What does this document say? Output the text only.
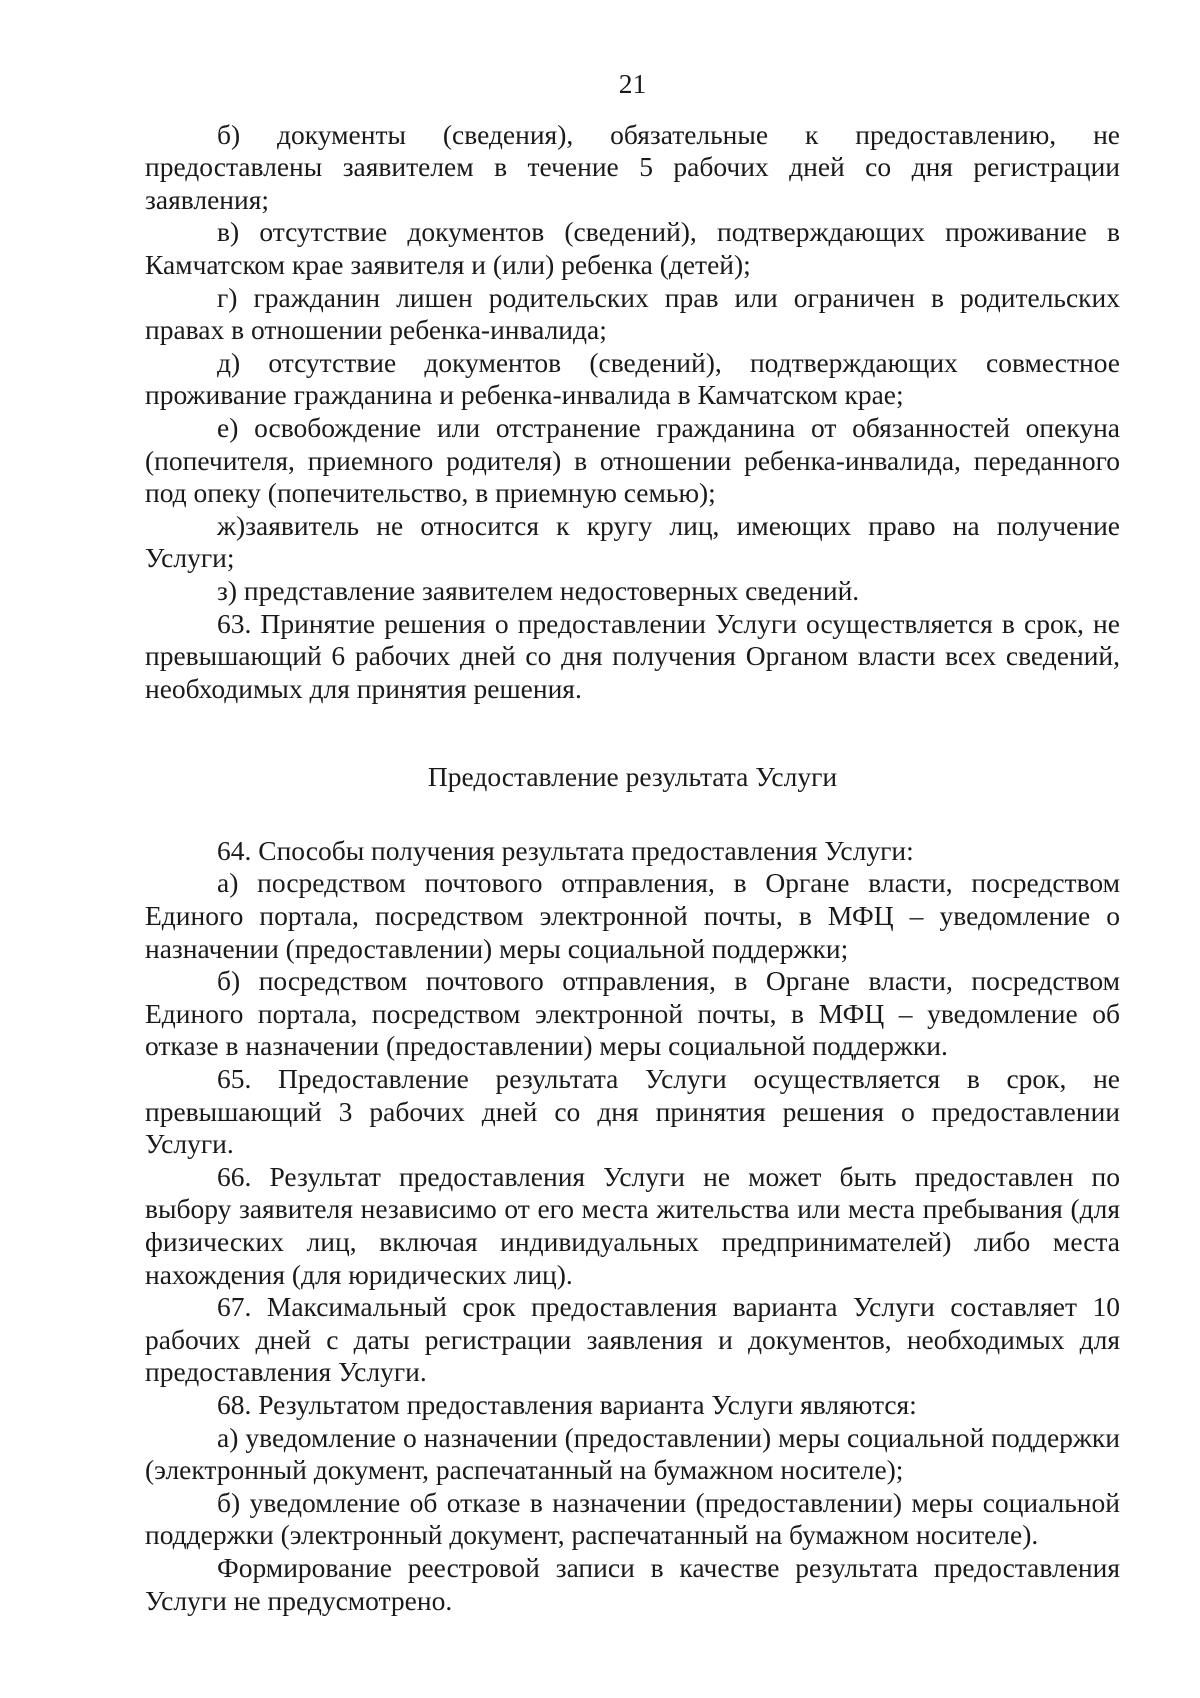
21

б) документы (сведения), обязательные к предоставлению, не предоставлены заявителем в течение 5 рабочих дней со дня регистрации заявления;

в) отсутствие документов (сведений), подтверждающих проживание в Камчатском крае заявителя и (или) ребенка (детей);

г) гражданин лишен родительских прав или ограничен в родительских правах в отношении ребенка-инвалида;

д) отсутствие документов (сведений), подтверждающих совместное проживание гражданина и ребенка-инвалида в Камчатском крае;

е) освобождение или отстранение гражданина от обязанностей опекуна (попечителя, приемного родителя) в отношении ребенка-инвалида, переданного под опеку (попечительство, в приемную семью);

ж)заявитель не относится к кругу лиц, имеющих право на получение Услуги;

з) представление заявителем недостоверных сведений.

63. Принятие решения о предоставлении Услуги осуществляется в срок, не превышающий 6 рабочих дней со дня получения Органом власти всех сведений, необходимых для принятия решения.

Предоставление результата Услуги

64. Способы получения результата предоставления Услуги:

а) посредством почтового отправления, в Органе власти, посредством Единого портала, посредством электронной почты, в МФЦ – уведомление о назначении (предоставлении) меры социальной поддержки;

б) посредством почтового отправления, в Органе власти, посредством Единого портала, посредством электронной почты, в МФЦ – уведомление об отказе в назначении (предоставлении) меры социальной поддержки.

65. Предоставление результата Услуги осуществляется в срок, не превышающий 3 рабочих дней со дня принятия решения о предоставлении Услуги.

66. Результат предоставления Услуги не может быть предоставлен по выбору заявителя независимо от его места жительства или места пребывания (для физических лиц, включая индивидуальных предпринимателей) либо места нахождения (для юридических лиц).

67. Максимальный срок предоставления варианта Услуги составляет 10 рабочих дней с даты регистрации заявления и документов, необходимых для предоставления Услуги.

68. Результатом предоставления варианта Услуги являются:

а) уведомление о назначении (предоставлении) меры социальной поддержки (электронный документ, распечатанный на бумажном носителе);

б) уведомление об отказе в назначении (предоставлении) меры социальной поддержки (электронный документ, распечатанный на бумажном носителе).

Формирование реестровой записи в качестве результата предоставления Услуги не предусмотрено.
